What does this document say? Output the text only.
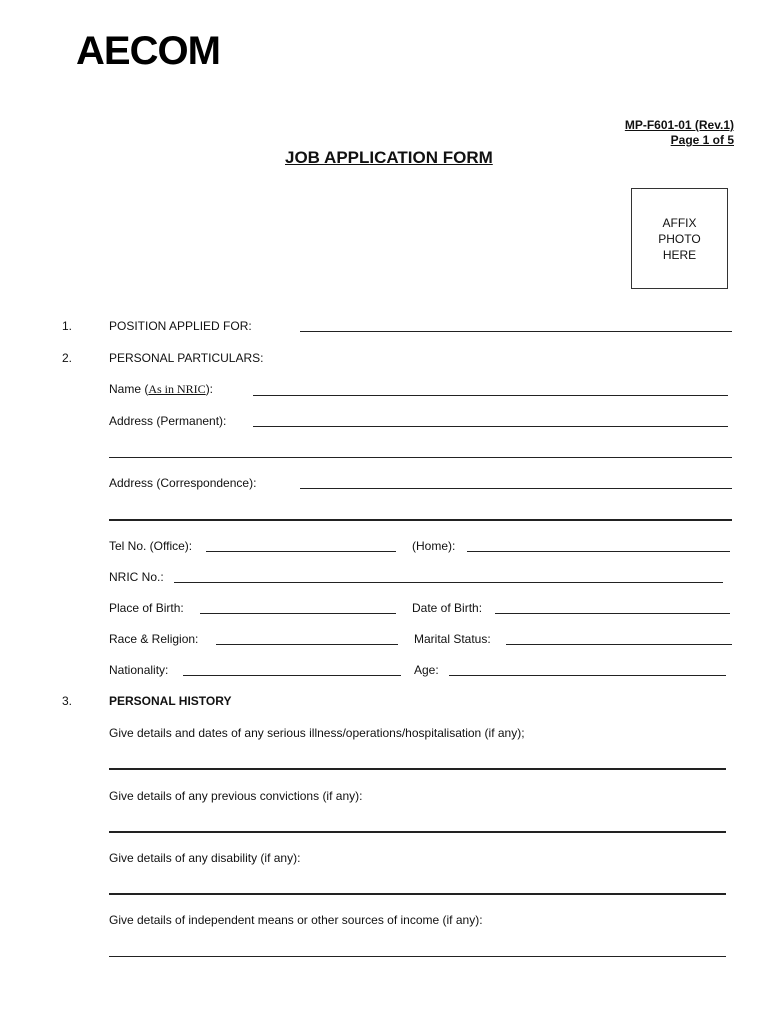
AECOM
MP-F601-01 (Rev.1)
Page 1 of 5
JOB APPLICATION FORM
AFFIX
PHOTO
HERE
1.	POSITION APPLIED FOR:
2.	PERSONAL PARTICULARS:
Name (As in NRIC):
Address (Permanent):
Address (Correspondence):
Tel No. (Office):	(Home):
NRIC No.:
Place of Birth:	Date of Birth:
Race & Religion:	Marital Status:
Nationality:	Age:
3.	PERSONAL HISTORY
Give details and dates of any serious illness/operations/hospitalisation (if any);
Give details of any previous convictions (if any):
Give details of any disability (if any):
Give details of independent means or other sources of income (if any):
